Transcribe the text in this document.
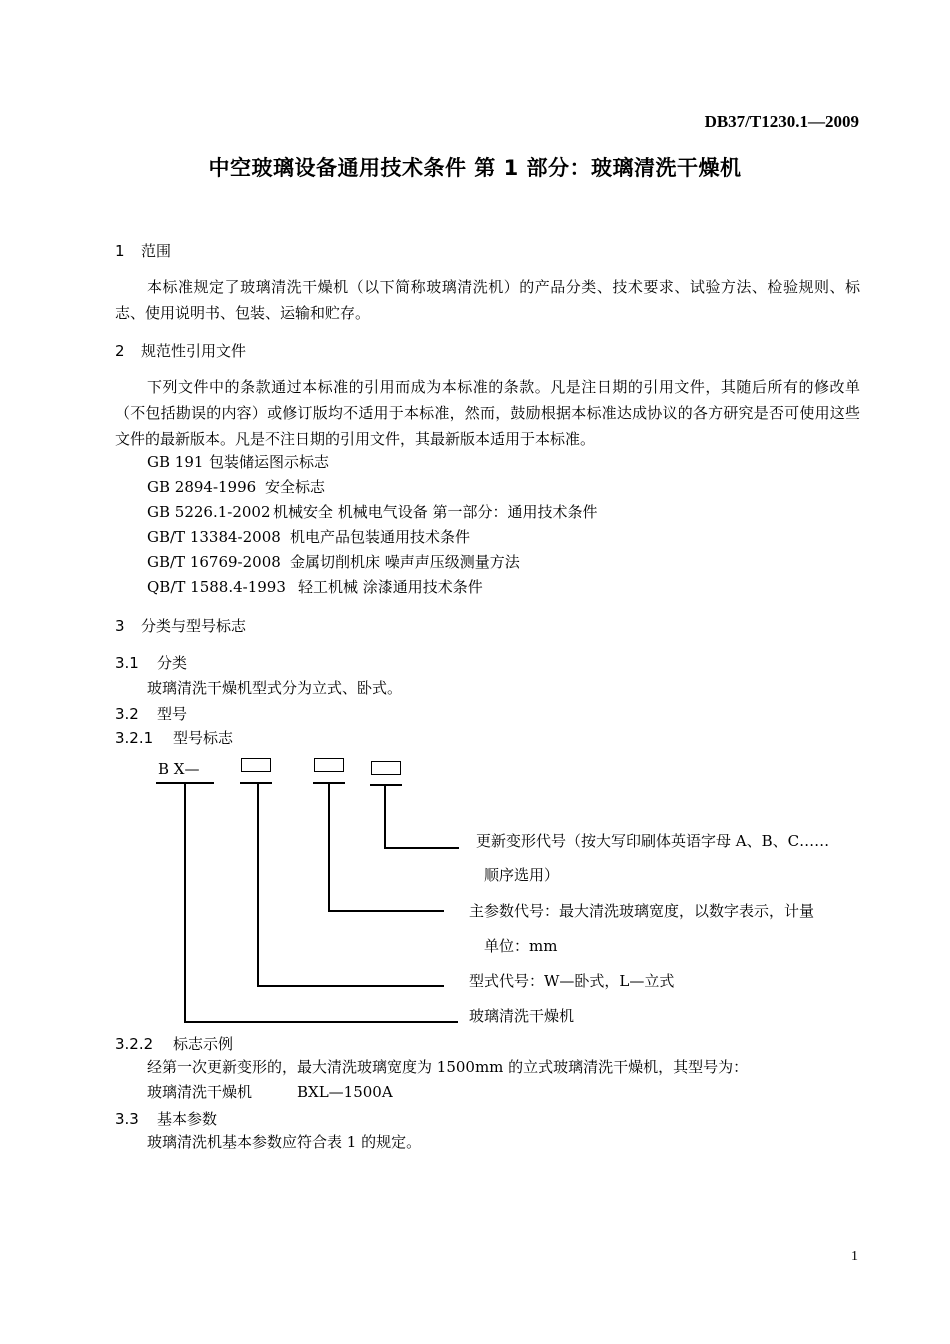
DB37/T1230.1—2009
中空玻璃设备通用技术条件 第 1 部分：玻璃清洗干燥机
1 范围
本标准规定了玻璃清洗干燥机（以下简称玻璃清洗机）的产品分类、技术要求、试验方法、检验规则、标志、使用说明书、包装、运输和贮存。
2 规范性引用文件
下列文件中的条款通过本标准的引用而成为本标准的条款。凡是注日期的引用文件，其随后所有的修改单（不包括勘误的内容）或修订版均不适用于本标准，然而，鼓励根据本标准达成协议的各方研究是否可使用这些文件的最新版本。凡是不注日期的引用文件，其最新版本适用于本标准。
GB 191 包装储运图示标志
GB 2894-1996 安全标志
GB 5226.1-2002 机械安全 机械电气设备 第一部分：通用技术条件
GB/T 13384-2008 机电产品包装通用技术条件
GB/T 16769-2008 金属切削机床 噪声声压级测量方法
QB/T 1588.4-1993 轻工机械 涂漆通用技术条件
3 分类与型号标志
3.1 分类
玻璃清洗干燥机型式分为立式、卧式。
3.2 型号
3.2.1 型号标志
B X—
更新变形代号（按大写印刷体英语字母 A、B、C……
顺序选用）
主参数代号：最大清洗玻璃宽度，以数字表示，计量
单位：mm
型式代号：W—卧式，L—立式
玻璃清洗干燥机
3.2.2 标志示例
经第一次更新变形的，最大清洗玻璃宽度为 1500mm 的立式玻璃清洗干燥机，其型号为：
玻璃清洗干燥机	BXL—1500A
3.3 基本参数
玻璃清洗机基本参数应符合表 1 的规定。
1
